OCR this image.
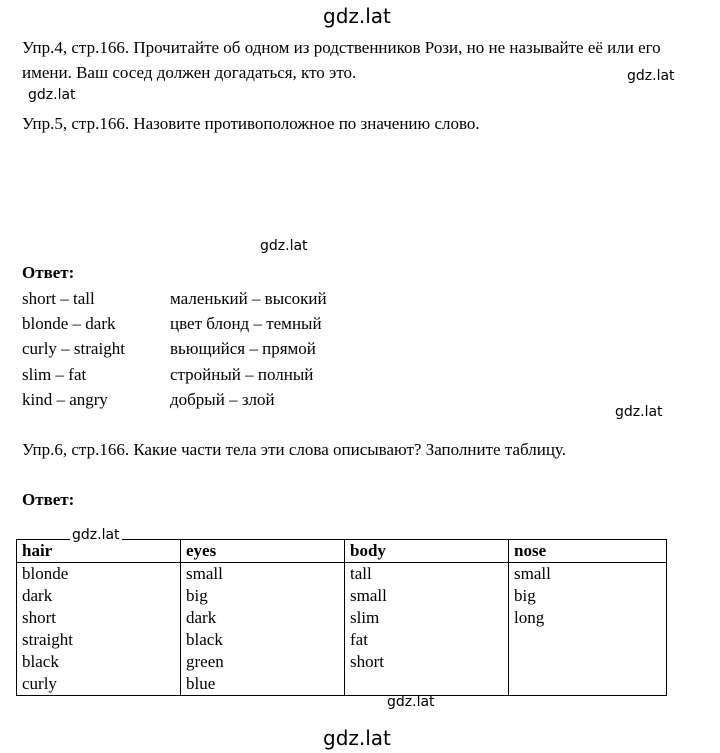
gdz.lat
gdz.lat
gdz.lat
gdz.lat
gdz.lat
gdz.lat
gdz.lat
gdz.lat

Упр.4, стр.166. Прочитайте об одном из родственников Рози, но не называйте её или его имени. Ваш сосед должен догадаться, кто это.

Упр.5, стр.166. Назовите противоположное по значению слово.

Ответ:

short – tall	маленький – высокий
blonde – dark	цвет блонд – темный
curly – straight	вьющийся – прямой
slim – fat	стройный – полный
kind – angry	добрый – злой

Упр.6, стр.166. Какие части тела эти слова описывают? Заполните таблицу.

Ответ:

hair	eyes	body	nose
blonde	small	tall	small
dark	big	small	big
short	dark	slim	long
straight	black	fat	
black	green	short	
curly	blue		
